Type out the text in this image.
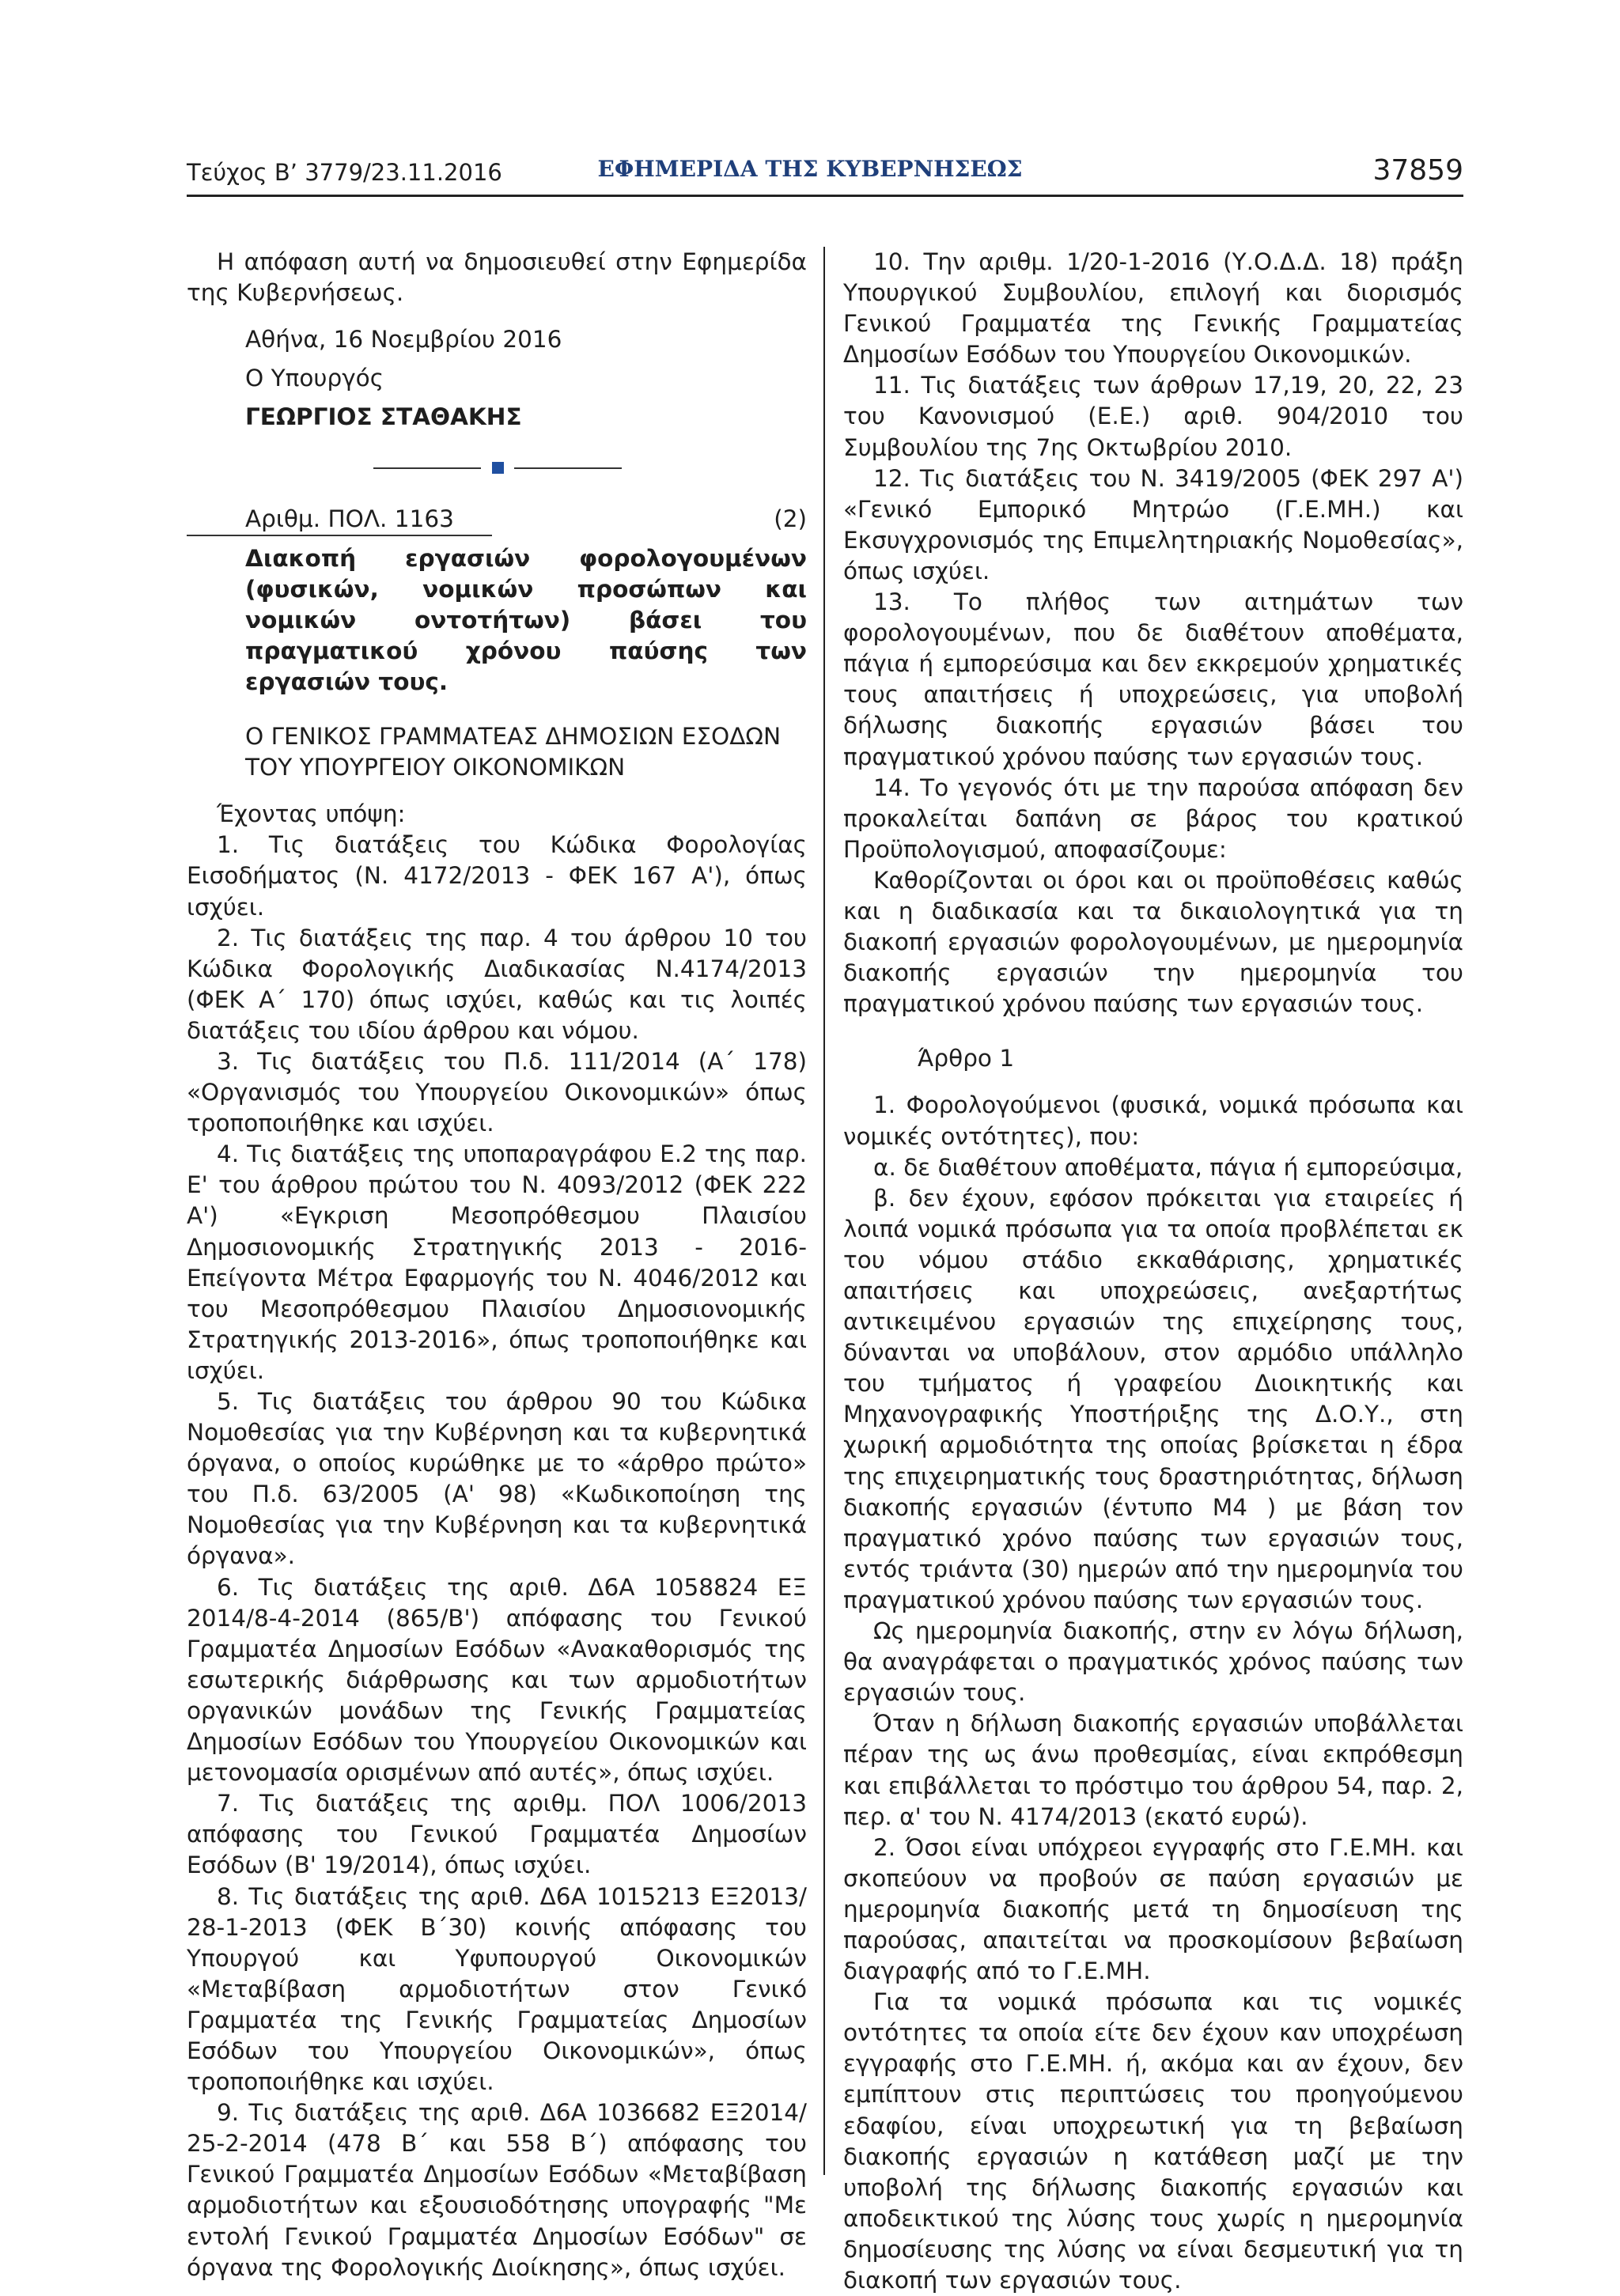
Τεύχος Β’ 3779/23.11.2016	ΕΦΗΜΕΡΙΔΑ ΤΗΣ ΚΥΒΕΡΝΗΣΕΩΣ	37859

Η απόφαση αυτή να δημοσιευθεί στην Εφημερίδα της Κυβερνήσεως.

Αθήνα, 16 Νοεμβρίου 2016

Ο Υπουργός

ΓΕΩΡΓΙΟΣ ΣΤΑΘΑΚΗΣ

Αριθμ. ΠΟΛ. 1163	(2)

Διακοπή εργασιών φορολογουμένων (φυσικών, νομικών προσώπων και νομικών οντοτήτων) βάσει του πραγματικού χρόνου παύσης των εργασιών τους.

Ο ΓΕΝΙΚΟΣ ΓΡΑΜΜΑΤΕΑΣ ΔΗΜΟΣΙΩΝ ΕΣΟΔΩΝ ΤΟΥ ΥΠΟΥΡΓΕΙΟΥ ΟΙΚΟΝΟΜΙΚΩΝ

Έχοντας υπόψη:

1. Τις διατάξεις του Κώδικα Φορολογίας Εισοδήματος (Ν. 4172/2013 - ΦΕΚ 167 Α'), όπως ισχύει.

2. Τις διατάξεις της παρ. 4 του άρθρου 10 του Κώδικα Φορολογικής Διαδικασίας Ν.4174/2013 (ΦΕΚ Α΄ 170) όπως ισχύει, καθώς και τις λοιπές διατάξεις του ιδίου άρθρου και νόμου.

3. Τις διατάξεις του Π.δ. 111/2014 (Α΄ 178) «Οργανισμός του Υπουργείου Οικονομικών» όπως τροποποιήθηκε και ισχύει.

4. Τις διατάξεις της υποπαραγράφου Ε.2 της παρ. Ε' του άρθρου πρώτου του Ν. 4093/2012 (ΦΕΚ 222 Α') «Εγκριση Μεσοπρόθεσμου Πλαισίου Δημοσιονομικής Στρατηγικής 2013 - 2016- Επείγοντα Μέτρα Εφαρμογής του Ν. 4046/2012 και του Μεσοπρόθεσμου Πλαισίου Δημοσιονομικής Στρατηγικής 2013-2016», όπως τροποποιήθηκε και ισχύει.

5. Τις διατάξεις του άρθρου 90 του Κώδικα Νομοθεσίας για την Κυβέρνηση και τα κυβερνητικά όργανα, ο οποίος κυρώθηκε με το «άρθρο πρώτο» του Π.δ. 63/2005 (Α' 98) «Κωδικοποίηση της Νομοθεσίας για την Κυβέρνηση και τα κυβερνητικά όργανα».

6. Τις διατάξεις της αριθ. Δ6Α 1058824 ΕΞ 2014/8-4-2014 (865/Β') απόφασης του Γενικού Γραμματέα Δημοσίων Εσόδων «Ανακαθορισμός της εσωτερικής διάρθρωσης και των αρμοδιοτήτων οργανικών μονάδων της Γενικής Γραμματείας Δημοσίων Εσόδων του Υπουργείου Οικονομικών και μετονομασία ορισμένων από αυτές», όπως ισχύει.

7. Τις διατάξεις της αριθμ. ΠΟΛ 1006/2013 απόφασης του Γενικού Γραμματέα Δημοσίων Εσόδων (Β' 19/2014), όπως ισχύει.

8. Τις διατάξεις της αριθ. Δ6Α 1015213 ΕΞ2013/ 28-1-2013 (ΦΕΚ Β΄30) κοινής απόφασης του Υπουργού και Υφυπουργού Οικονομικών «Μεταβίβαση αρμοδιοτήτων στον Γενικό Γραμματέα της Γενικής Γραμματείας Δημοσίων Εσόδων του Υπουργείου Οικονομικών», όπως τροποποιήθηκε και ισχύει.

9. Τις διατάξεις της αριθ. Δ6Α 1036682 ΕΞ2014/ 25-2-2014 (478 Β΄ και 558 Β΄) απόφασης του Γενικού Γραμματέα Δημοσίων Εσόδων «Μεταβίβαση αρμοδιοτήτων και εξουσιοδότησης υπογραφής "Με εντολή Γενικού Γραμματέα Δημοσίων Εσόδων" σε όργανα της Φορολογικής Διοίκησης», όπως ισχύει.

10. Την αριθμ. 1/20-1-2016 (Υ.Ο.Δ.Δ. 18) πράξη Υπουργικού Συμβουλίου, επιλογή και διορισμός Γενικού Γραμματέα της Γενικής Γραμματείας Δημοσίων Εσόδων του Υπουργείου Οικονομικών.

11. Τις διατάξεις των άρθρων 17,19, 20, 22, 23 του Κανονισμού (Ε.Ε.) αριθ. 904/2010 του Συμβουλίου της 7ης Οκτωβρίου 2010.

12. Τις διατάξεις του Ν. 3419/2005 (ΦΕΚ 297 Α') «Γενικό Εμπορικό Μητρώο (Γ.Ε.ΜΗ.) και Εκσυγχρονισμός της Επιμελητηριακής Νομοθεσίας», όπως ισχύει.

13. Το πλήθος των αιτημάτων των φορολογουμένων, που δε διαθέτουν αποθέματα, πάγια ή εμπορεύσιμα και δεν εκκρεμούν χρηματικές τους απαιτήσεις ή υποχρεώσεις, για υποβολή δήλωσης διακοπής εργασιών βάσει του πραγματικού χρόνου παύσης των εργασιών τους.

14. Το γεγονός ότι με την παρούσα απόφαση δεν προκαλείται δαπάνη σε βάρος του κρατικού Προϋπολογισμού, αποφασίζουμε:

Καθορίζονται οι όροι και οι προϋποθέσεις καθώς και η διαδικασία και τα δικαιολογητικά για τη διακοπή εργασιών φορολογουμένων, με ημερομηνία διακοπής εργασιών την ημερομηνία του πραγματικού χρόνου παύσης των εργασιών τους.

Άρθρο 1

1. Φορολογούμενοι (φυσικά, νομικά πρόσωπα και νομικές οντότητες), που:

α. δε διαθέτουν αποθέματα, πάγια ή εμπορεύσιμα,

β. δεν έχουν, εφόσον πρόκειται για εταιρείες ή λοιπά νομικά πρόσωπα για τα οποία προβλέπεται εκ του νόμου στάδιο εκκαθάρισης, χρηματικές απαιτήσεις και υποχρεώσεις, ανεξαρτήτως αντικειμένου εργασιών της επιχείρησης τους, δύνανται να υποβάλουν, στον αρμόδιο υπάλληλο του τμήματος ή γραφείου Διοικητικής και Μηχανογραφικής Υποστήριξης της Δ.Ο.Υ., στη χωρική αρμοδιότητα της οποίας βρίσκεται η έδρα της επιχειρηματικής τους δραστηριότητας, δήλωση διακοπής εργασιών (έντυπο Μ4 ) με βάση τον πραγματικό χρόνο παύσης των εργασιών τους, εντός τριάντα (30) ημερών από την ημερομηνία του πραγματικού χρόνου παύσης των εργασιών τους.

Ως ημερομηνία διακοπής, στην εν λόγω δήλωση, θα αναγράφεται ο πραγματικός χρόνος παύσης των εργασιών τους.

Όταν η δήλωση διακοπής εργασιών υποβάλλεται πέραν της ως άνω προθεσμίας, είναι εκπρόθεσμη και επιβάλλεται το πρόστιμο του άρθρου 54, παρ. 2, περ. α' του Ν. 4174/2013 (εκατό ευρώ).

2. Όσοι είναι υπόχρεοι εγγραφής στο Γ.Ε.ΜΗ. και σκοπεύουν να προβούν σε παύση εργασιών με ημερομηνία διακοπής μετά τη δημοσίευση της παρούσας, απαιτείται να προσκομίσουν βεβαίωση διαγραφής από το Γ.Ε.ΜΗ.

Για τα νομικά πρόσωπα και τις νομικές οντότητες τα οποία είτε δεν έχουν καν υποχρέωση εγγραφής στο Γ.Ε.ΜΗ. ή, ακόμα και αν έχουν, δεν εμπίπτουν στις περιπτώσεις του προηγούμενου εδαφίου, είναι υποχρεωτική για τη βεβαίωση διακοπής εργασιών η κατάθεση μαζί με την υποβολή της δήλωσης διακοπής εργασιών και αποδεικτικού της λύσης τους χωρίς η ημερομηνία δημοσίευσης της λύσης να είναι δεσμευτική για τη διακοπή των εργασιών τους.
